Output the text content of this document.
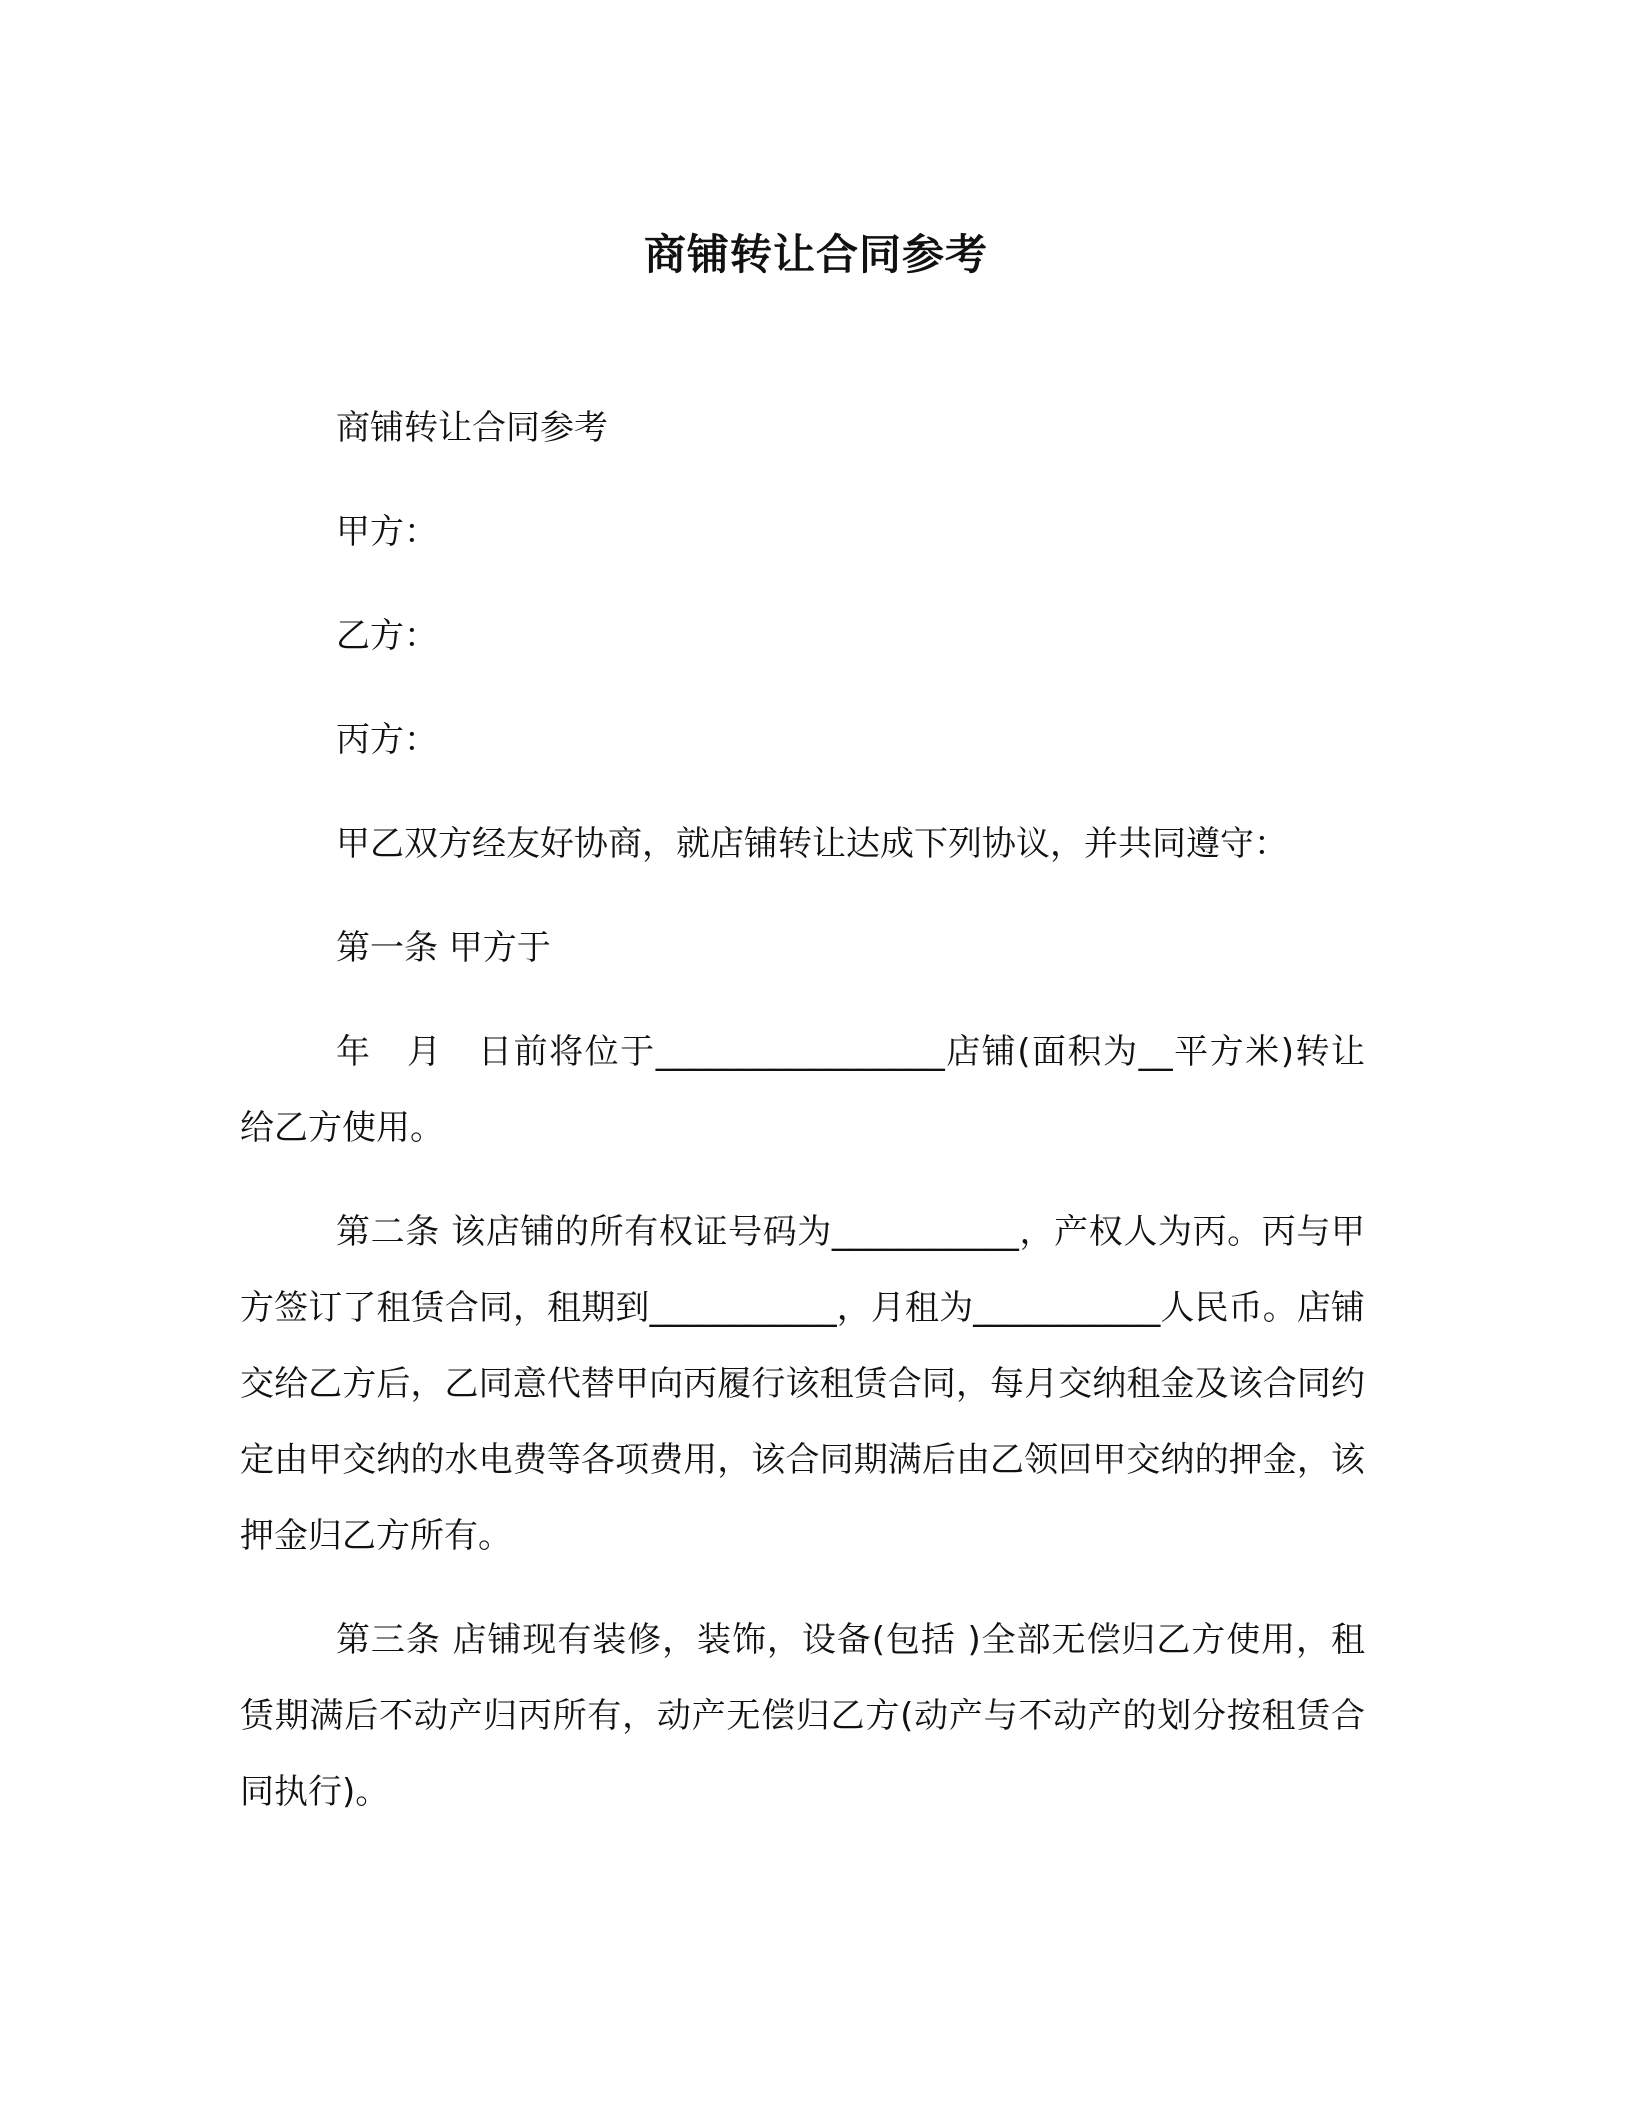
商铺转让合同参考

商铺转让合同参考

甲方：

乙方：

丙方：

甲乙双方经友好协商，就店铺转让达成下列协议，并共同遵守：

第一条 甲方于

年　月　日前将位于_________________店铺(面积为__平方米)转让给乙方使用。

第二条 该店铺的所有权证号码为___________，产权人为丙。丙与甲方签订了租赁合同，租期到___________，月租为___________人民币。店铺交给乙方后，乙同意代替甲向丙履行该租赁合同，每月交纳租金及该合同约定由甲交纳的水电费等各项费用，该合同期满后由乙领回甲交纳的押金，该押金归乙方所有。

第三条 店铺现有装修，装饰，设备(包括 )全部无偿归乙方使用，租赁期满后不动产归丙所有，动产无偿归乙方(动产与不动产的划分按租赁合同执行)。
